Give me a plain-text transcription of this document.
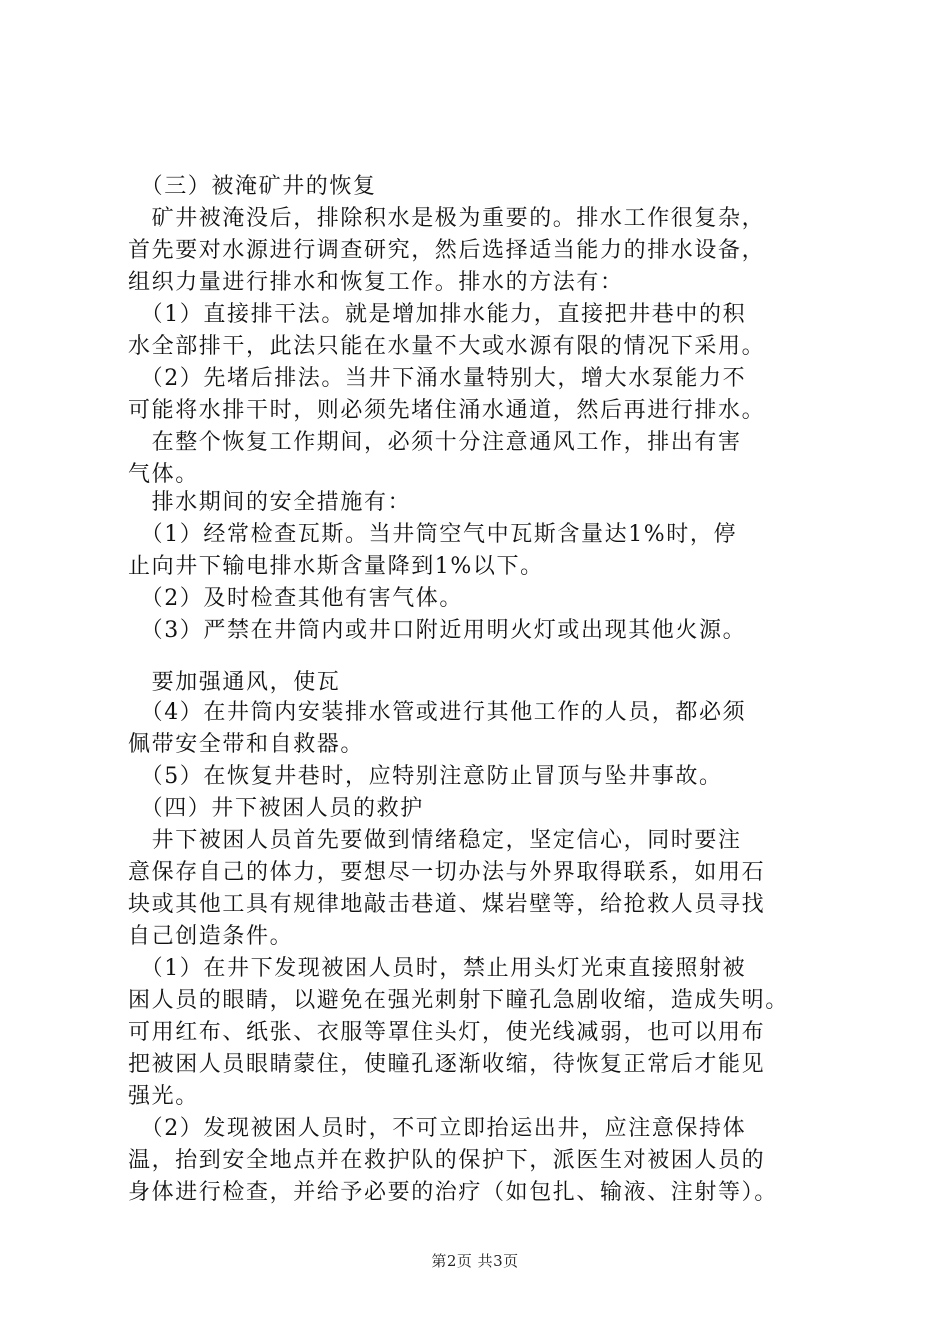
　（三）被淹矿井的恢复
　矿井被淹没后，排除积水是极为重要的。排水工作很复杂，
首先要对水源进行调查研究，然后选择适当能力的排水设备，
组织力量进行排水和恢复工作。排水的方法有：
　（1）直接排干法。就是增加排水能力，直接把井巷中的积
水全部排干，此法只能在水量不大或水源有限的情况下采用。
　（2）先堵后排法。当井下涌水量特别大，增大水泵能力不
可能将水排干时，则必须先堵住涌水通道，然后再进行排水。
　在整个恢复工作期间，必须十分注意通风工作，排出有害
气体。
　排水期间的安全措施有：
　（1）经常检查瓦斯。当井筒空气中瓦斯含量达1%时，停
止向井下输电排水斯含量降到1%以下。
　（2）及时检查其他有害气体。
　（3）严禁在井筒内或井口附近用明火灯或出现其他火源。
　要加强通风，使瓦
　（4）在井筒内安装排水管或进行其他工作的人员，都必须
佩带安全带和自救器。
　（5）在恢复井巷时，应特别注意防止冒顶与坠井事故。
　（四）井下被困人员的救护
　井下被困人员首先要做到情绪稳定，坚定信心，同时要注
意保存自己的体力，要想尽一切办法与外界取得联系，如用石
块或其他工具有规律地敲击巷道、煤岩壁等，给抢救人员寻找
自己创造条件。
　（1）在井下发现被困人员时，禁止用头灯光束直接照射被
困人员的眼睛，以避免在强光刺射下瞳孔急剧收缩，造成失明。
可用红布、纸张、衣服等罩住头灯，使光线减弱，也可以用布
把被困人员眼睛蒙住，使瞳孔逐渐收缩，待恢复正常后才能见
强光。
　（2）发现被困人员时，不可立即抬运出井，应注意保持体
温，抬到安全地点并在救护队的保护下，派医生对被困人员的
身体进行检查，并给予必要的治疗（如包扎、输液、注射等）。
第2页 共3页
